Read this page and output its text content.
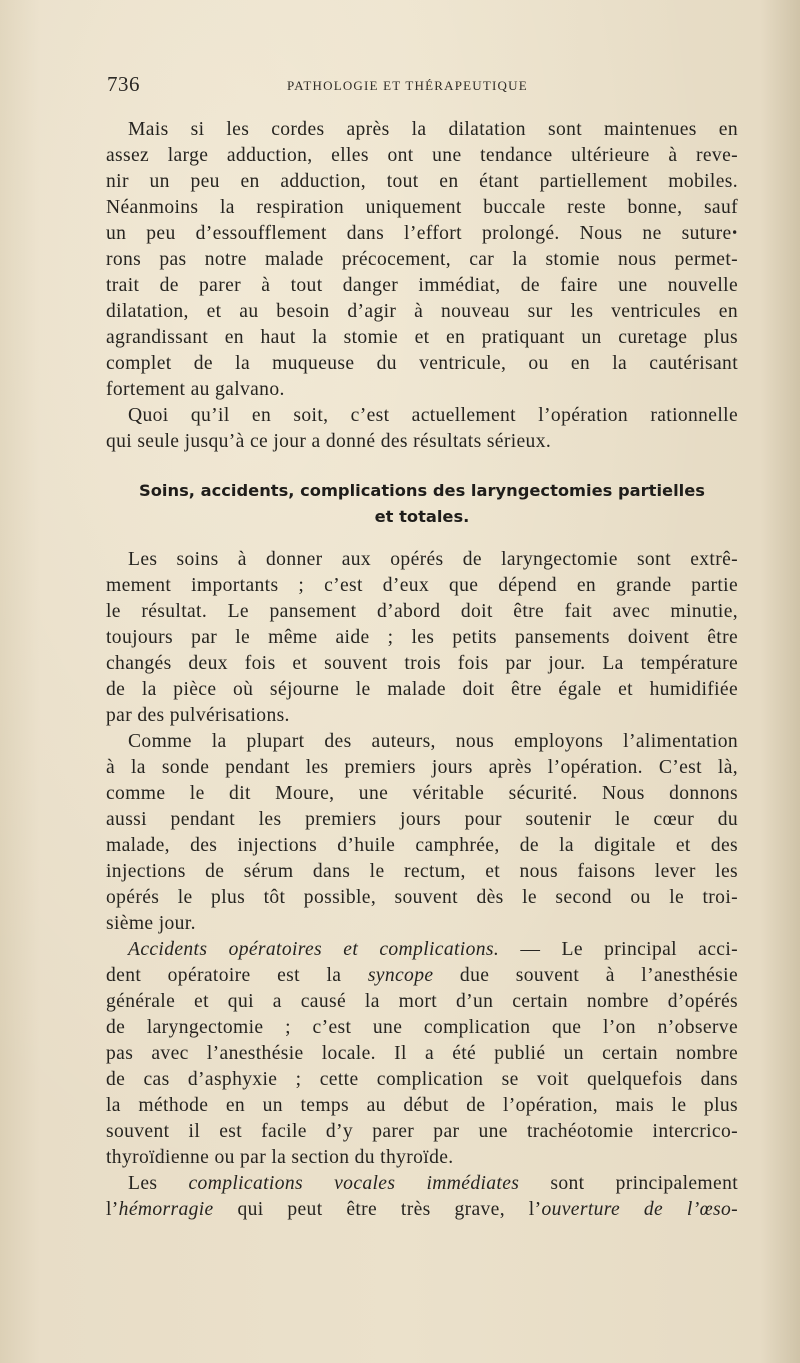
736	PATHOLOGIE ET THÉRAPEUTIQUE
Mais si les cordes après la dilatation sont maintenues en
assez large adduction, elles ont une tendance ultérieure à reve-
nir un peu en adduction, tout en étant partiellement mobiles.
Néanmoins la respiration uniquement buccale reste bonne, sauf
un peu d’essoufflement dans l’effort prolongé. Nous ne sutureꞏ
rons pas notre malade précocement, car la stomie nous permet-
trait de parer à tout danger immédiat, de faire une nouvelle
dilatation, et au besoin d’agir à nouveau sur les ventricules en
agrandissant en haut la stomie et en pratiquant un curetage plus
complet de la muqueuse du ventricule, ou en la cautérisant
fortement au galvano.
Quoi qu’il en soit, c’est actuellement l’opération rationnelle
qui seule jusqu’à ce jour a donné des résultats sérieux.
Soins, accidents, complications des laryngectomies partielles
et totales.
Les soins à donner aux opérés de laryngectomie sont extrê-
mement importants ; c’est d’eux que dépend en grande partie
le résultat. Le pansement d’abord doit être fait avec minutie,
toujours par le même aide ; les petits pansements doivent être
changés deux fois et souvent trois fois par jour. La température
de la pièce où séjourne le malade doit être égale et humidifiée
par des pulvérisations.
Comme la plupart des auteurs, nous employons l’alimentation
à la sonde pendant les premiers jours après l’opération. C’est là,
comme le dit Moure, une véritable sécurité. Nous donnons
aussi pendant les premiers jours pour soutenir le cœur du
malade, des injections d’huile camphrée, de la digitale et des
injections de sérum dans le rectum, et nous faisons lever les
opérés le plus tôt possible, souvent dès le second ou le troi-
sième jour.
Accidents opératoires et complications. — Le principal acci-
dent opératoire est la syncope due souvent à l’anesthésie
générale et qui a causé la mort d’un certain nombre d’opérés
de laryngectomie ; c’est une complication que l’on n’observe
pas avec l’anesthésie locale. Il a été publié un certain nombre
de cas d’asphyxie ; cette complication se voit quelquefois dans
la méthode en un temps au début de l’opération, mais le plus
souvent il est facile d’y parer par une trachéotomie intercrico-
thyroïdienne ou par la section du thyroïde.
Les complications vocales immédiates sont principalement
l’hémorragie qui peut être très grave, l’ouverture de l’œso-
